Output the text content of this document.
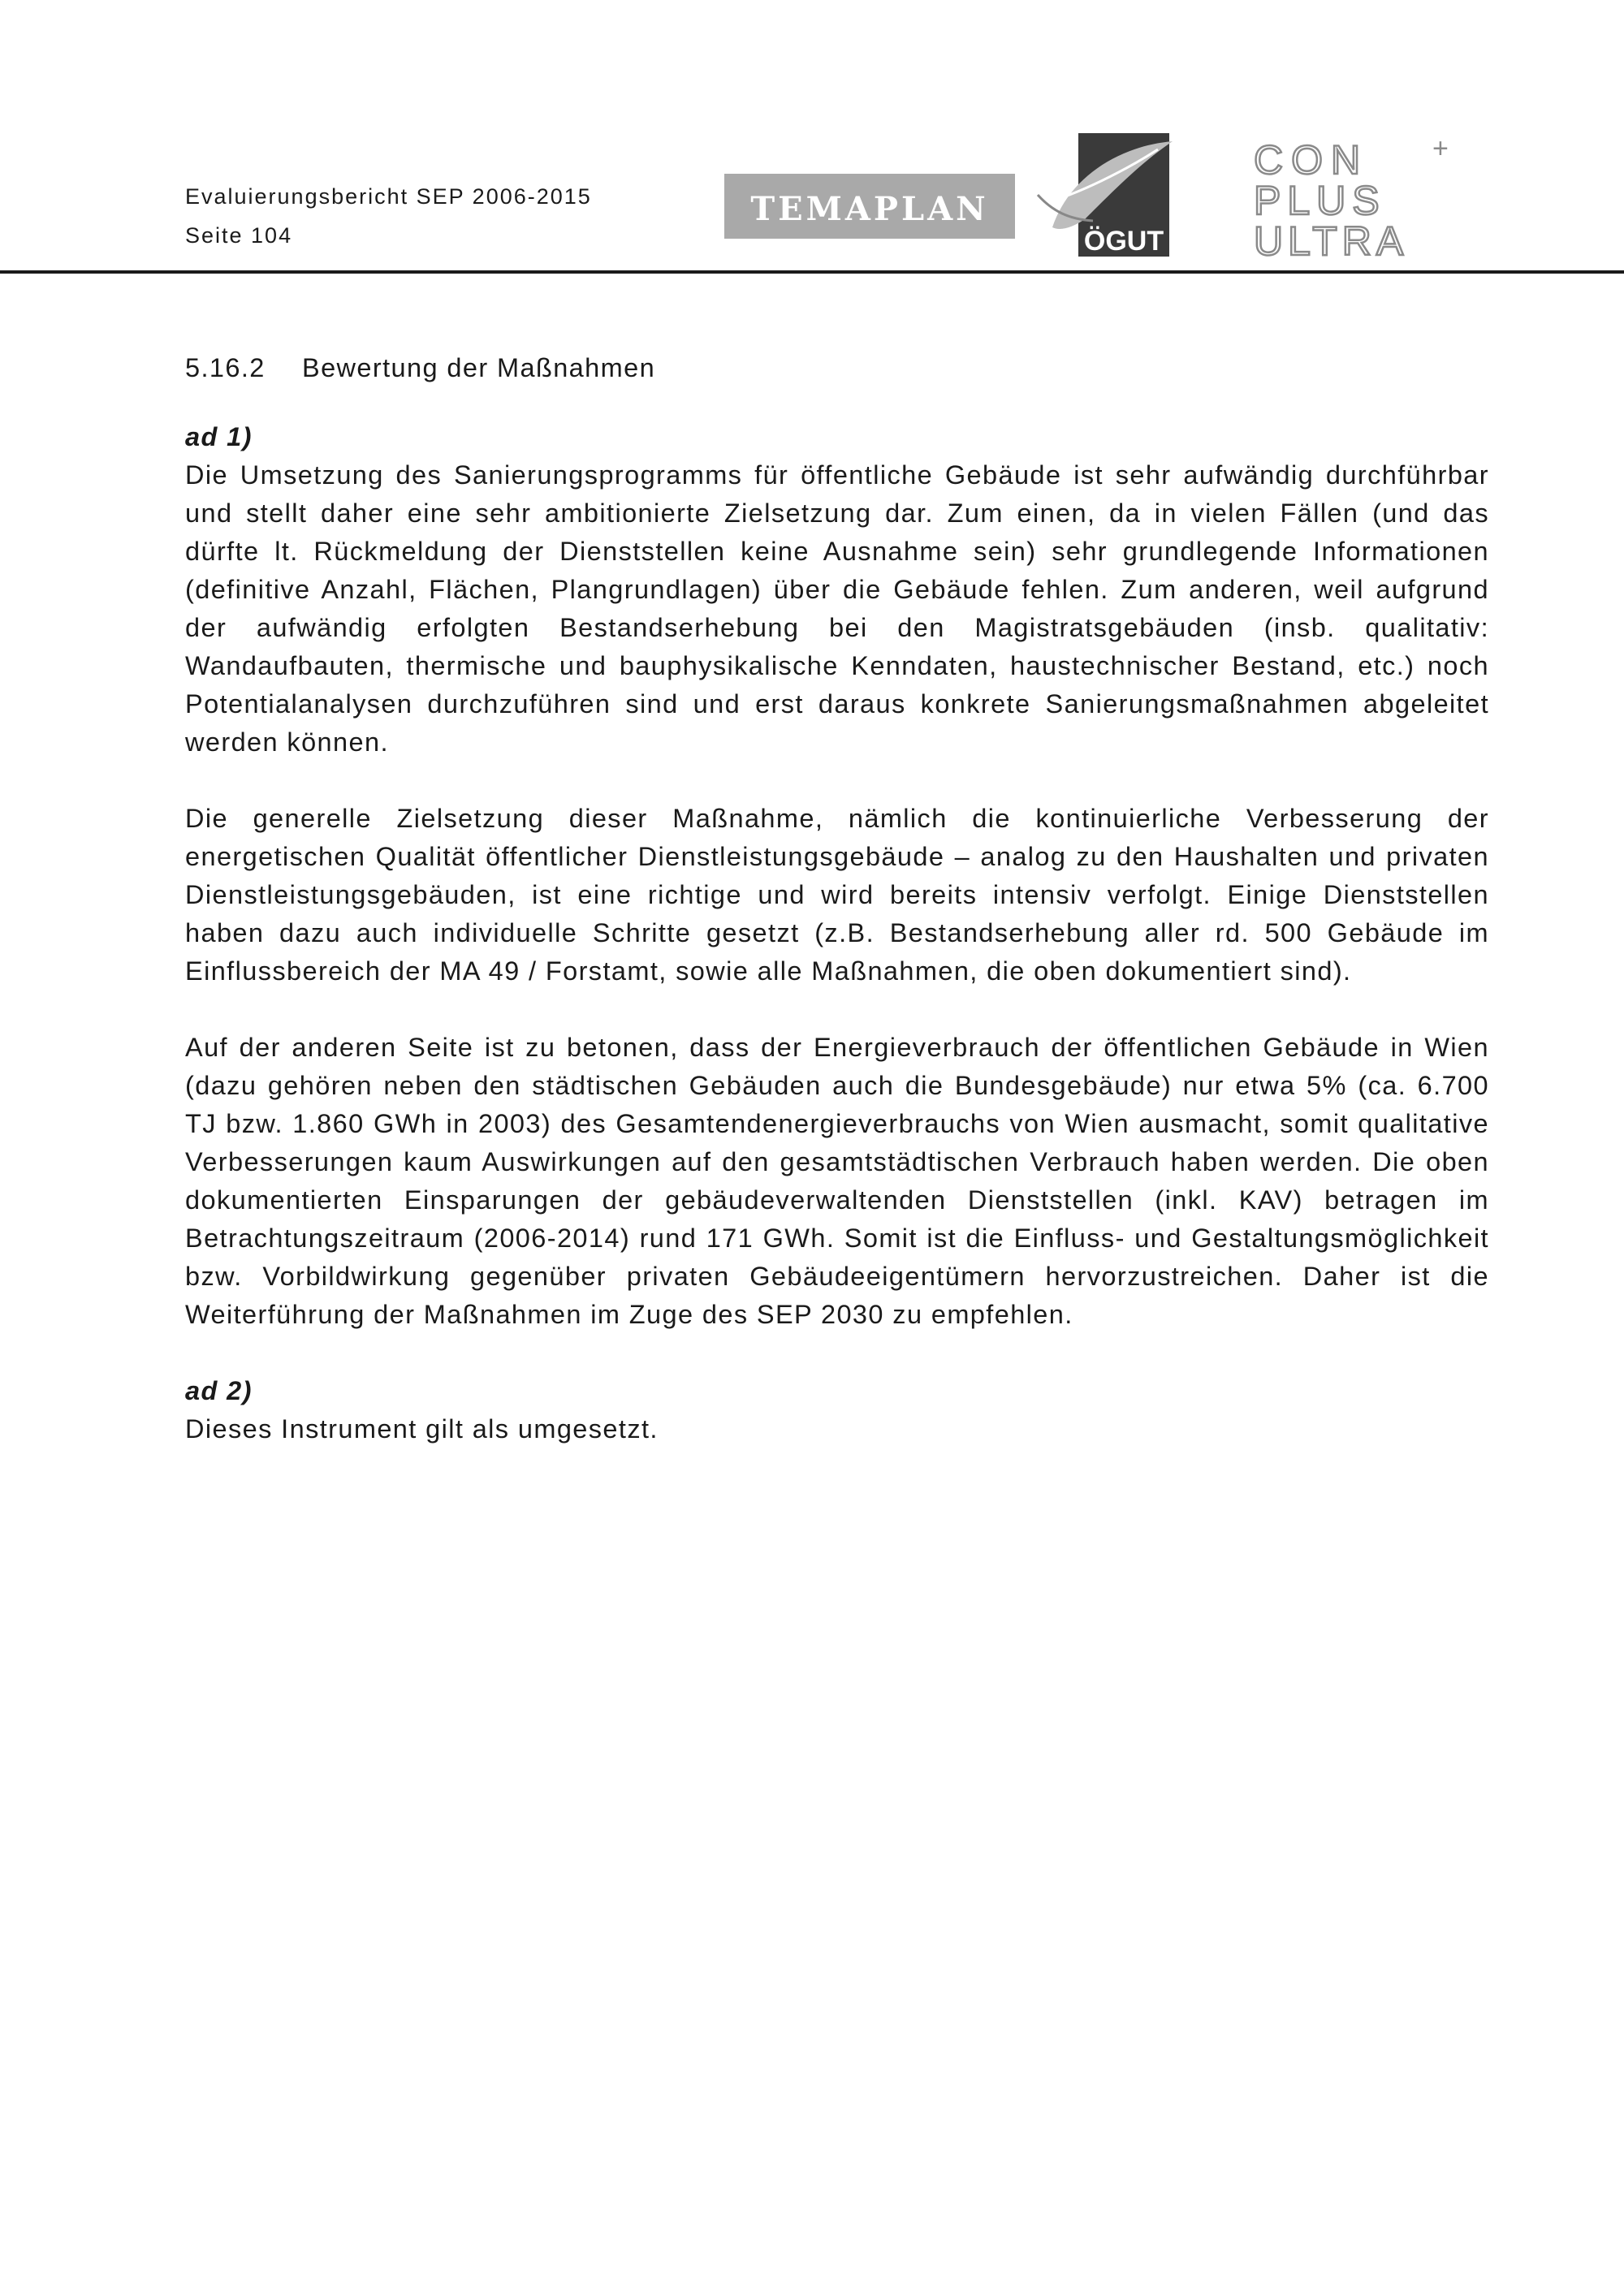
Evaluierungsbericht SEP 2006-2015
Seite 104
TEMAPLAN
ÖGUT
CON
PLUS
ULTRA
+
5.16.2 Bewertung der Maßnahmen

ad 1)

Die Umsetzung des Sanierungsprogramms für öffentliche Gebäude ist sehr aufwändig durchführbar und stellt daher eine sehr ambitionierte Zielsetzung dar. Zum einen, da in vielen Fällen (und das dürfte lt. Rückmeldung der Dienststellen keine Ausnahme sein) sehr grundlegende Informationen (definitive Anzahl, Flächen, Plangrundlagen) über die Gebäude fehlen. Zum anderen, weil aufgrund der aufwändig erfolgten Bestandserhebung bei den Magistratsgebäuden (insb. qualitativ: Wandaufbauten, thermische und bauphysikalische Kenndaten, haustechnischer Bestand, etc.) noch Potentialanalysen durchzuführen sind und erst daraus konkrete Sanierungsmaßnahmen abgeleitet werden können.

Die generelle Zielsetzung dieser Maßnahme, nämlich die kontinuierliche Verbesserung der energetischen Qualität öffentlicher Dienstleistungsgebäude – analog zu den Haushalten und privaten Dienstleistungsgebäuden, ist eine richtige und wird bereits intensiv verfolgt. Einige Dienststellen haben dazu auch individuelle Schritte gesetzt (z.B. Bestandserhebung aller rd. 500 Gebäude im Einflussbereich der MA 49 / Forstamt, sowie alle Maßnahmen, die oben dokumentiert sind).

Auf der anderen Seite ist zu betonen, dass der Energieverbrauch der öffentlichen Gebäude in Wien (dazu gehören neben den städtischen Gebäuden auch die Bundesgebäude) nur etwa 5% (ca. 6.700 TJ bzw. 1.860 GWh in 2003) des Gesamtendenergieverbrauchs von Wien ausmacht, somit qualitative Verbesserungen kaum Auswirkungen auf den gesamtstädtischen Verbrauch haben werden. Die oben dokumentierten Einsparungen der gebäudeverwaltenden Dienststellen (inkl. KAV) betragen im Betrachtungszeitraum (2006-2014) rund 171 GWh. Somit ist die Einfluss- und Gestaltungsmöglichkeit bzw. Vorbildwirkung gegenüber privaten Gebäudeeigentümern hervorzustreichen. Daher ist die Weiterführung der Maßnahmen im Zuge des SEP 2030 zu empfehlen.

ad 2)

Dieses Instrument gilt als umgesetzt.
